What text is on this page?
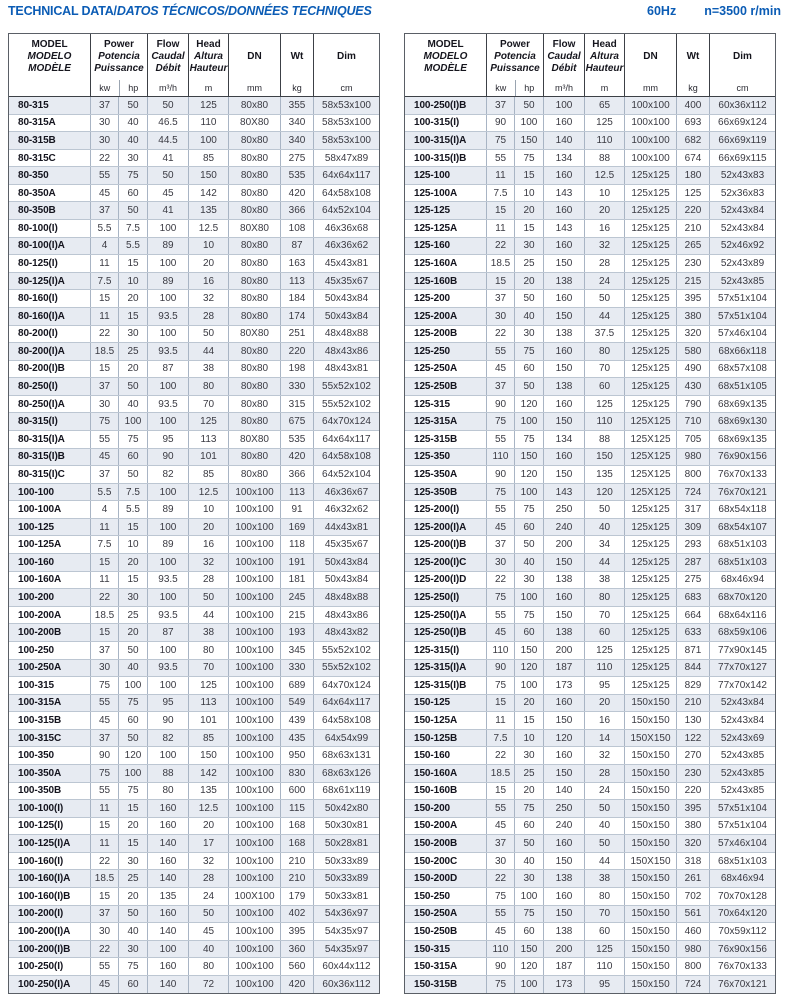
TECHNICAL DATA/DATOS TÉCNICOS/DONNÉES TECHNIQUES	60Hz n=3500 r/min
MODEL
MODELO
MODÈLE
Power
Potencia
Puissance
kw	hp
Flow
Caudal
Débit
m³/h
Head
Altura
Hauteur
m
DN
mm
Wt
kg
Dim
cm
80-315	37	50	50	125	80x80	355	58x53x100
80-315A	30	40	46.5	110	80X80	340	58x53x100
80-315B	30	40	44.5	100	80x80	340	58x53x100
80-315C	22	30	41	85	80x80	275	58x47x89
80-350	55	75	50	150	80x80	535	64x64x117
80-350A	45	60	45	142	80x80	420	64x58x108
80-350B	37	50	41	135	80x80	366	64x52x104
80-100(I)	5.5	7.5	100	12.5	80X80	108	46x36x68
80-100(I)A	4	5.5	89	10	80x80	87	46x36x62
80-125(I)	11	15	100	20	80x80	163	45x43x81
80-125(I)A	7.5	10	89	16	80x80	113	45x35x67
80-160(I)	15	20	100	32	80x80	184	50x43x84
80-160(I)A	11	15	93.5	28	80x80	174	50x43x84
80-200(I)	22	30	100	50	80X80	251	48x48x88
80-200(I)A	18.5	25	93.5	44	80x80	220	48x43x86
80-200(I)B	15	20	87	38	80x80	198	48x43x81
80-250(I)	37	50	100	80	80x80	330	55x52x102
80-250(I)A	30	40	93.5	70	80x80	315	55x52x102
80-315(I)	75	100	100	125	80x80	675	64x70x124
80-315(I)A	55	75	95	113	80X80	535	64x64x117
80-315(I)B	45	60	90	101	80x80	420	64x58x108
80-315(I)C	37	50	82	85	80x80	366	64x52x104
100-100	5.5	7.5	100	12.5	100x100	113	46x36x67
100-100A	4	5.5	89	10	100x100	91	46x32x62
100-125	11	15	100	20	100x100	169	44x43x81
100-125A	7.5	10	89	16	100x100	118	45x35x67
100-160	15	20	100	32	100x100	191	50x43x84
100-160A	11	15	93.5	28	100x100	181	50x43x84
100-200	22	30	100	50	100x100	245	48x48x88
100-200A	18.5	25	93.5	44	100x100	215	48x43x86
100-200B	15	20	87	38	100x100	193	48x43x82
100-250	37	50	100	80	100x100	345	55x52x102
100-250A	30	40	93.5	70	100x100	330	55x52x102
100-315	75	100	100	125	100x100	689	64x70x124
100-315A	55	75	95	113	100x100	549	64x64x117
100-315B	45	60	90	101	100x100	439	64x58x108
100-315C	37	50	82	85	100x100	435	64x54x99
100-350	90	120	100	150	100x100	950	68x63x131
100-350A	75	100	88	142	100x100	830	68x63x126
100-350B	55	75	80	135	100x100	600	68x61x119
100-100(I)	11	15	160	12.5	100x100	115	50x42x80
100-125(I)	15	20	160	20	100x100	168	50x30x81
100-125(I)A	11	15	140	17	100x100	168	50x28x81
100-160(I)	22	30	160	32	100x100	210	50x33x89
100-160(I)A	18.5	25	140	28	100x100	210	50x33x89
100-160(I)B	15	20	135	24	100X100	179	50x33x81
100-200(I)	37	50	160	50	100x100	402	54x36x97
100-200(I)A	30	40	140	45	100x100	395	54x35x97
100-200(I)B	22	30	100	40	100x100	360	54x35x97
100-250(I)	55	75	160	80	100x100	560	60x44x112
100-250(I)A	45	60	140	72	100x100	420	60x36x112
MODEL
MODELO
MODÈLE
Power
Potencia
Puissance
kw	hp
Flow
Caudal
Débit
m³/h
Head
Altura
Hauteur
m
DN
mm
Wt
kg
Dim
cm
100-250(I)B	37	50	100	65	100x100	400	60x36x112
100-315(I)	90	100	160	125	100x100	693	66x69x124
100-315(I)A	75	150	140	110	100x100	682	66x69x119
100-315(I)B	55	75	134	88	100x100	674	66x69x115
125-100	11	15	160	12.5	125x125	180	52x43x83
125-100A	7.5	10	143	10	125x125	125	52x36x83
125-125	15	20	160	20	125x125	220	52x43x84
125-125A	11	15	143	16	125x125	210	52x43x84
125-160	22	30	160	32	125x125	265	52x46x92
125-160A	18.5	25	150	28	125x125	230	52x43x89
125-160B	15	20	138	24	125x125	215	52x43x85
125-200	37	50	160	50	125x125	395	57x51x104
125-200A	30	40	150	44	125x125	380	57x51x104
125-200B	22	30	138	37.5	125x125	320	57x46x104
125-250	55	75	160	80	125x125	580	68x66x118
125-250A	45	60	150	70	125x125	490	68x57x108
125-250B	37	50	138	60	125x125	430	68x51x105
125-315	90	120	160	125	125x125	790	68x69x135
125-315A	75	100	150	110	125X125	710	68x69x130
125-315B	55	75	134	88	125X125	705	68x69x135
125-350	110	150	160	150	125X125	980	76x90x156
125-350A	90	120	150	135	125X125	800	76x70x133
125-350B	75	100	143	120	125X125	724	76x70x121
125-200(I)	55	75	250	50	125x125	317	68x54x118
125-200(I)A	45	60	240	40	125x125	309	68x54x107
125-200(I)B	37	50	200	34	125x125	293	68x51x103
125-200(I)C	30	40	150	44	125x125	287	68x51x103
125-200(I)D	22	30	138	38	125x125	275	68x46x94
125-250(I)	75	100	160	80	125x125	683	68x70x120
125-250(I)A	55	75	150	70	125x125	664	68x64x116
125-250(I)B	45	60	138	60	125x125	633	68x59x106
125-315(I)	110	150	200	125	125x125	871	77x90x145
125-315(I)A	90	120	187	110	125x125	844	77x70x127
125-315(I)B	75	100	173	95	125x125	829	77x70x142
150-125	15	20	160	20	150x150	210	52x43x84
150-125A	11	15	150	16	150x150	130	52x43x84
150-125B	7.5	10	120	14	150X150	122	52x43x69
150-160	22	30	160	32	150x150	270	52x43x85
150-160A	18.5	25	150	28	150x150	230	52x43x85
150-160B	15	20	140	24	150x150	220	52x43x85
150-200	55	75	250	50	150x150	395	57x51x104
150-200A	45	60	240	40	150x150	380	57x51x104
150-200B	37	50	160	50	150x150	320	57x46x104
150-200C	30	40	150	44	150X150	318	68x51x103
150-200D	22	30	138	38	150x150	261	68x46x94
150-250	75	100	160	80	150x150	702	70x70x128
150-250A	55	75	150	70	150x150	561	70x64x120
150-250B	45	60	138	60	150x150	460	70x59x112
150-315	110	150	200	125	150x150	980	76x90x156
150-315A	90	120	187	110	150x150	800	76x70x133
150-315B	75	100	173	95	150x150	724	76x70x121
